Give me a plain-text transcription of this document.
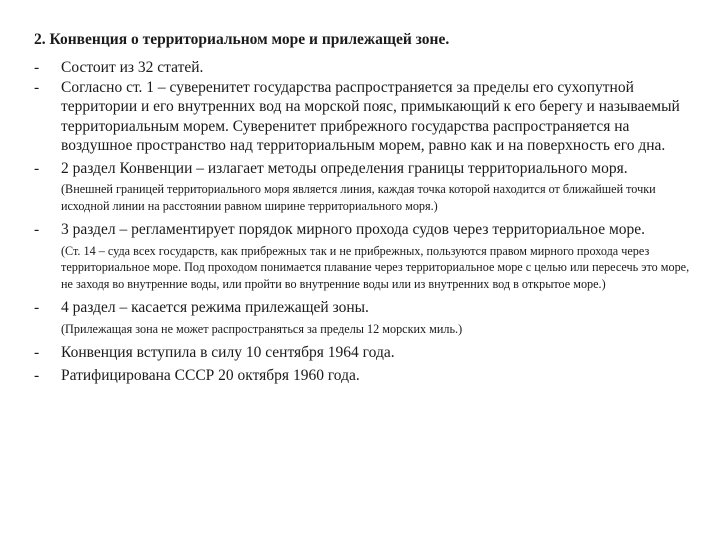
2. Конвенция о территориальном море и прилежащей зоне.
-	Состоит из 32 статей.
-	Согласно ст. 1 – суверенитет государства распространяется за пределы его сухопутной территории и его внутренних вод на морской пояс, примыкающий к его берегу и называемый территориальным морем. Суверенитет прибрежного государства распространяется на воздушное пространство над территориальным морем, равно как и на поверхность его дна.
-	2 раздел Конвенции – излагает методы определения границы территориального моря.
(Внешней границей территориального моря является линия, каждая точка которой находится от ближайшей точки исходной линии на расстоянии равном ширине территориального моря.)
-	3 раздел – регламентирует порядок мирного прохода судов через территориальное море.
(Ст. 14 – суда всех государств, как прибрежных так и не прибрежных, пользуются правом мирного прохода через территориальное море. Под проходом понимается плавание через территориальное море с целью или пересечь это море, не заходя во внутренние воды, или пройти во внутренние воды или из внутренних вод в открытое море.)
-	4 раздел – касается режима прилежащей зоны.
(Прилежащая зона не может распространяться за пределы 12 морских миль.)
-	Конвенция вступила в силу 10 сентября 1964 года.
-	Ратифицирована СССР 20 октября 1960 года.
